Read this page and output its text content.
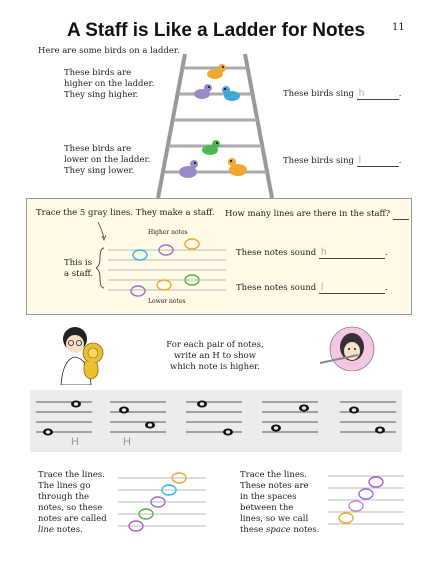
A Staff is Like a Ladder for Notes	11
Here are some birds on a ladder.
These birds are
higher on the ladder.
They sing higher.
These birds are
lower on the ladder.
They sing lower.
These birds sing h	.
These birds sing l	.
Trace the 5 gray lines. They make a staff. How many lines are there in the staff?
This is
a staff.
Higher notes
Lower notes
These notes sound h	.
These notes sound l	.
For each pair of notes,
write an H to show
which note is higher.
H	H
Trace the lines.
The lines go
through the
notes, so these
notes are called
line notes.
Trace the lines.
These notes are
in the spaces
between the
lines, so we call
these space notes.
